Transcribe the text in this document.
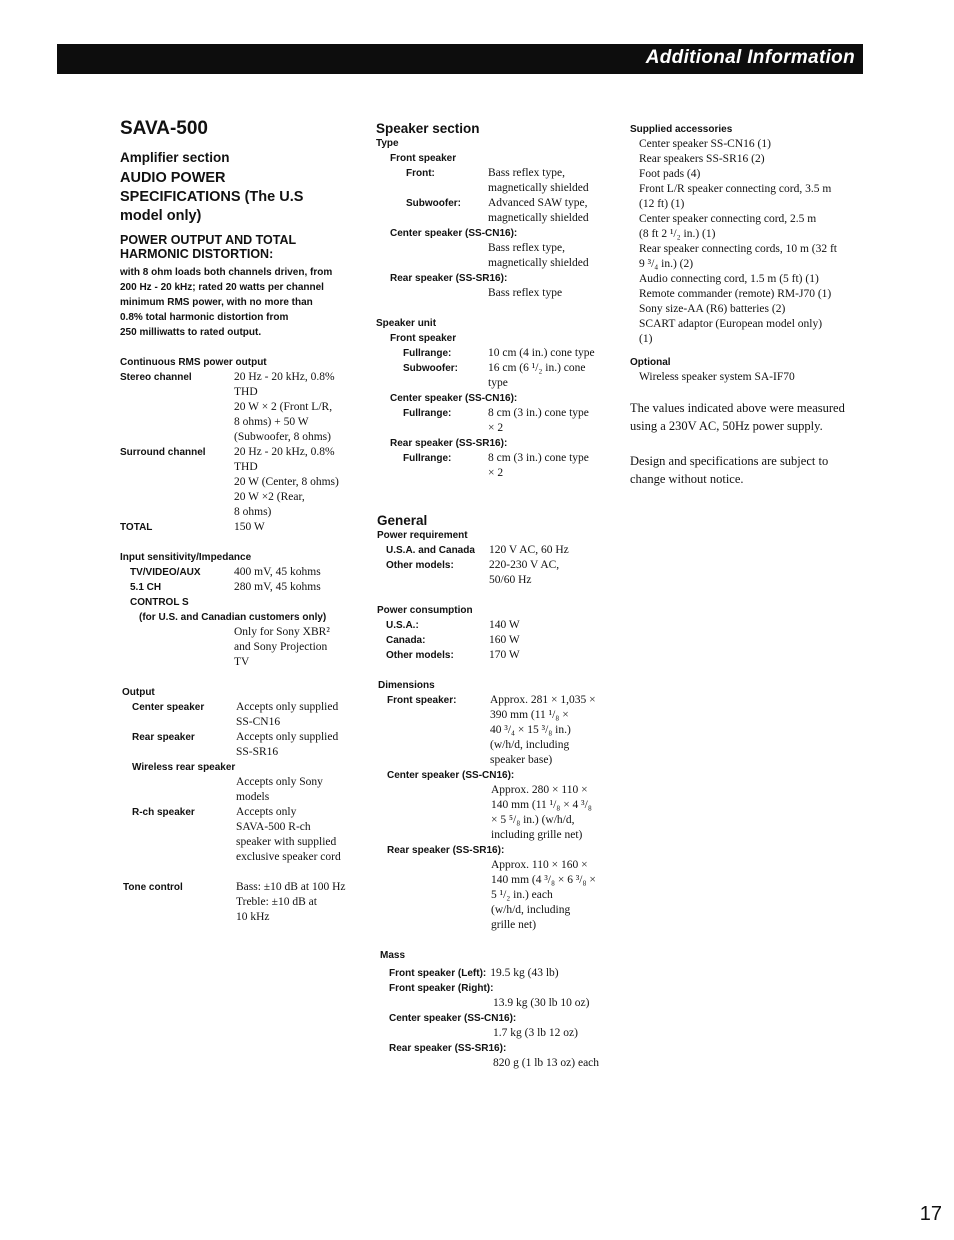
Additional Information
SAVA-500
Amplifier section
AUDIO POWER SPECIFICATIONS (The U.S model only)
POWER OUTPUT AND TOTAL HARMONIC DISTORTION:
with 8 ohm loads both channels driven, from
200 Hz - 20 kHz; rated 20 watts per channel
minimum RMS power, with no more than
0.8% total harmonic distortion from
250 milliwatts to rated output.
Continuous RMS power output
Stereo channel	20 Hz - 20 kHz, 0.8%
THD
20 W × 2 (Front L/R,
8 ohms) + 50 W
(Subwoofer, 8 ohms)
Surround channel	20 Hz - 20 kHz, 0.8%
THD
20 W (Center, 8 ohms)
20 W ×2 (Rear,
8 ohms)
TOTAL	150 W
Input sensitivity/Impedance
TV/VIDEO/AUX	400 mV, 45 kohms
5.1 CH	280 mV, 45 kohms
CONTROL S
(for U.S. and Canadian customers only)
Only for Sony XBR²
and Sony Projection
TV
Output
Center speaker	Accepts only supplied
SS-CN16
Rear speaker	Accepts only supplied
SS-SR16
Wireless rear speaker
Accepts only Sony
models
R-ch speaker	Accepts only
SAVA-500 R-ch
speaker with supplied
exclusive speaker cord
Tone control	Bass: ±10 dB at 100 Hz
Treble: ±10 dB at
10 kHz
Speaker section
Type
Front speaker
Front:	Bass reflex type,
magnetically shielded
Subwoofer:	Advanced SAW type,
magnetically shielded
Center speaker (SS-CN16):
Bass reflex type,
magnetically shielded
Rear speaker (SS-SR16):
Bass reflex type
Speaker unit
Front speaker
Fullrange:	10 cm (4 in.) cone type
Subwoofer:	16 cm (6 ¹/₂ in.) cone
type
Center speaker (SS-CN16):
Fullrange:	8 cm (3 in.) cone type
× 2
Rear speaker (SS-SR16):
Fullrange:	8 cm (3 in.) cone type
× 2
General
Power requirement
U.S.A. and Canada	120 V AC, 60 Hz
Other models:	220-230 V AC,
50/60 Hz
Power consumption
U.S.A.:	140 W
Canada:	160 W
Other models:	170 W
Dimensions
Front speaker:	Approx. 281 × 1,035 ×
390 mm (11 ¹/₈ ×
40 ³/₄ × 15 ³/₈ in.)
(w/h/d, including
speaker base)
Center speaker (SS-CN16):
Approx. 280 × 110 ×
140 mm (11 ¹/₈ × 4 ³/₈
× 5 ⁵/₈ in.) (w/h/d,
including grille net)
Rear speaker (SS-SR16):
Approx. 110 × 160 ×
140 mm (4 ³/₈ × 6 ³/₈ ×
5 ¹/₂ in.) each
(w/h/d, including
grille net)
Mass
Front speaker (Left): 19.5 kg (43 lb)
Front speaker (Right):
13.9 kg (30 lb 10 oz)
Center speaker (SS-CN16):
1.7 kg (3 lb 12 oz)
Rear speaker (SS-SR16):
820 g (1 lb 13 oz) each
Supplied accessories
Center speaker SS-CN16 (1)
Rear speakers SS-SR16 (2)
Foot pads (4)
Front L/R speaker connecting cord, 3.5 m
(12 ft) (1)
Center speaker connecting cord, 2.5 m
(8 ft 2 ¹/₂ in.) (1)
Rear speaker connecting cords, 10 m (32 ft
9 ³/₄ in.) (2)
Audio connecting cord, 1.5 m (5 ft) (1)
Remote commander (remote) RM-J70 (1)
Sony size-AA (R6) batteries (2)
SCART adaptor (European model only)
(1)
Optional
Wireless speaker system SA-IF70
The values indicated above were measured using a 230V AC, 50Hz power supply.
Design and specifications are subject to change without notice.
17
